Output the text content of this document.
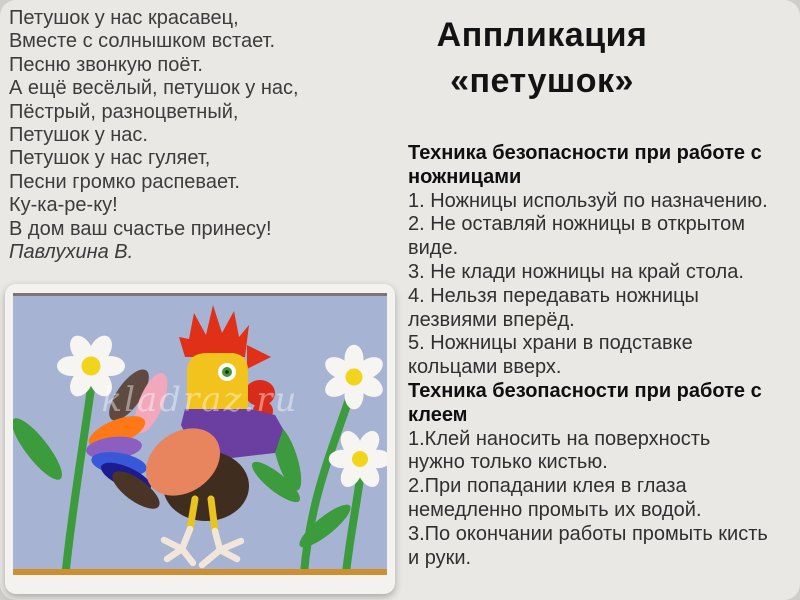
Петушок у нас красавец,
Вместе с солнышком встает.
Песню звонкую поёт.
А ещё весёлый, петушок у нас,
Пёстрый, разноцветный,
Петушок у нас.
Петушок у нас гуляет,
Песни громко распевает.
Ку-ка-ре-ку!
В дом ваш счастье принесу!
Павлухина В.
Аппликация
«петушок»
Техника безопасности при работе с ножницами
1. Ножницы используй по назначению.
2. Не оставляй ножницы в открытом виде.
3. Не клади ножницы на край стола.
4. Нельзя передавать ножницы лезвиями вперёд.
5. Ножницы храни в подставке кольцами вверх.
Техника безопасности при работе с клеем
1.Клей наносить на поверхность нужно только кистью.
2.При попадании клея в глаза немедленно промыть их водой.
3.По окончании работы промыть кисть и руки.
kladraz.ru
